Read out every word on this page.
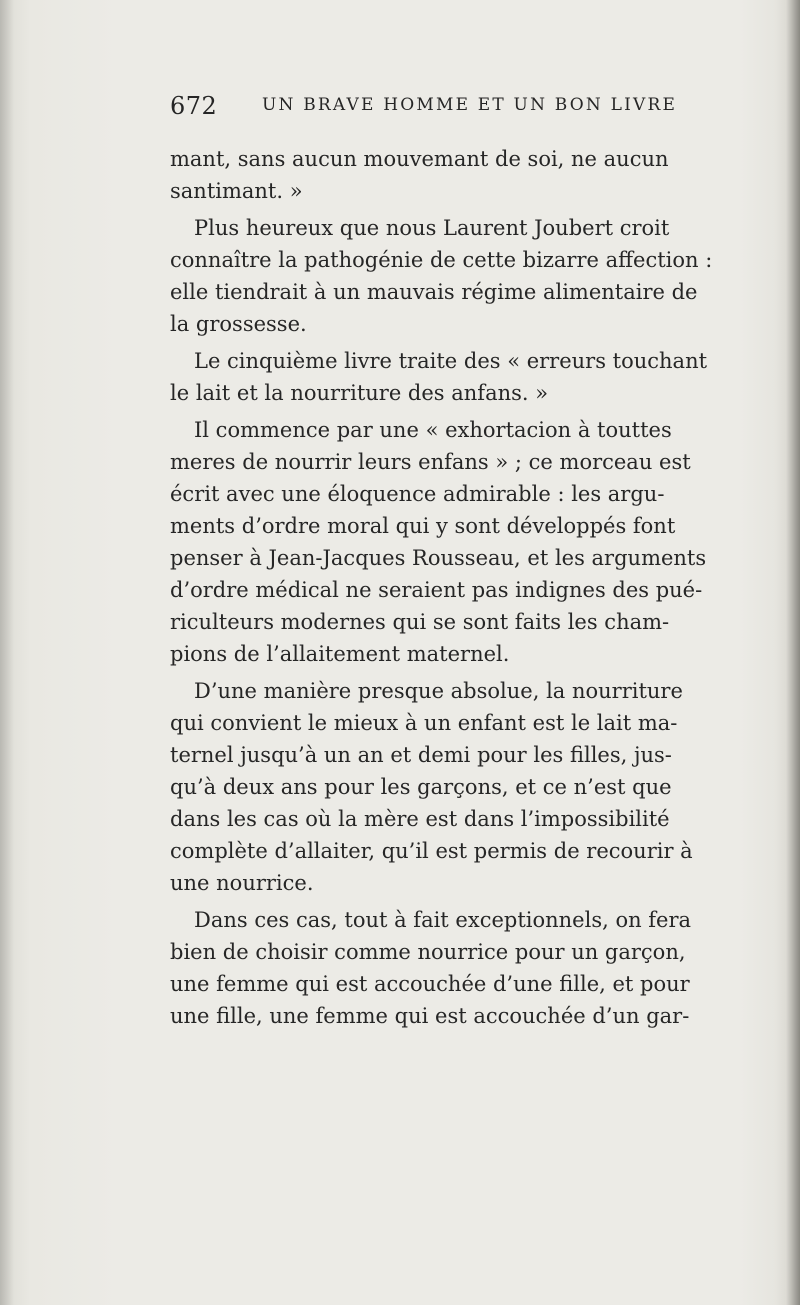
672	UN BRAVE HOMME ET UN BON LIVRE
mant, sans aucun mouvemant de soi, ne aucun
santimant. »
Plus heureux que nous Laurent Joubert croit
connaître la pathogénie de cette bizarre affection :
elle tiendrait à un mauvais régime alimentaire de
la grossesse.
Le cinquième livre traite des « erreurs touchant
le lait et la nourriture des anfans. »
Il commence par une « exhortacion à touttes
meres de nourrir leurs enfans » ; ce morceau est
écrit avec une éloquence admirable : les argu-
ments d’ordre moral qui y sont développés font
penser à Jean-Jacques Rousseau, et les arguments
d’ordre médical ne seraient pas indignes des pué-
riculteurs modernes qui se sont faits les cham-
pions de l’allaitement maternel.
D’une manière presque absolue, la nourriture
qui convient le mieux à un enfant est le lait ma-
ternel jusqu’à un an et demi pour les filles, jus-
qu’à deux ans pour les garçons, et ce n’est que
dans les cas où la mère est dans l’impossibilité
complète d’allaiter, qu’il est permis de recourir à
une nourrice.
Dans ces cas, tout à fait exceptionnels, on fera
bien de choisir comme nourrice pour un garçon,
une femme qui est accouchée d’une fille, et pour
une fille, une femme qui est accouchée d’un gar-
